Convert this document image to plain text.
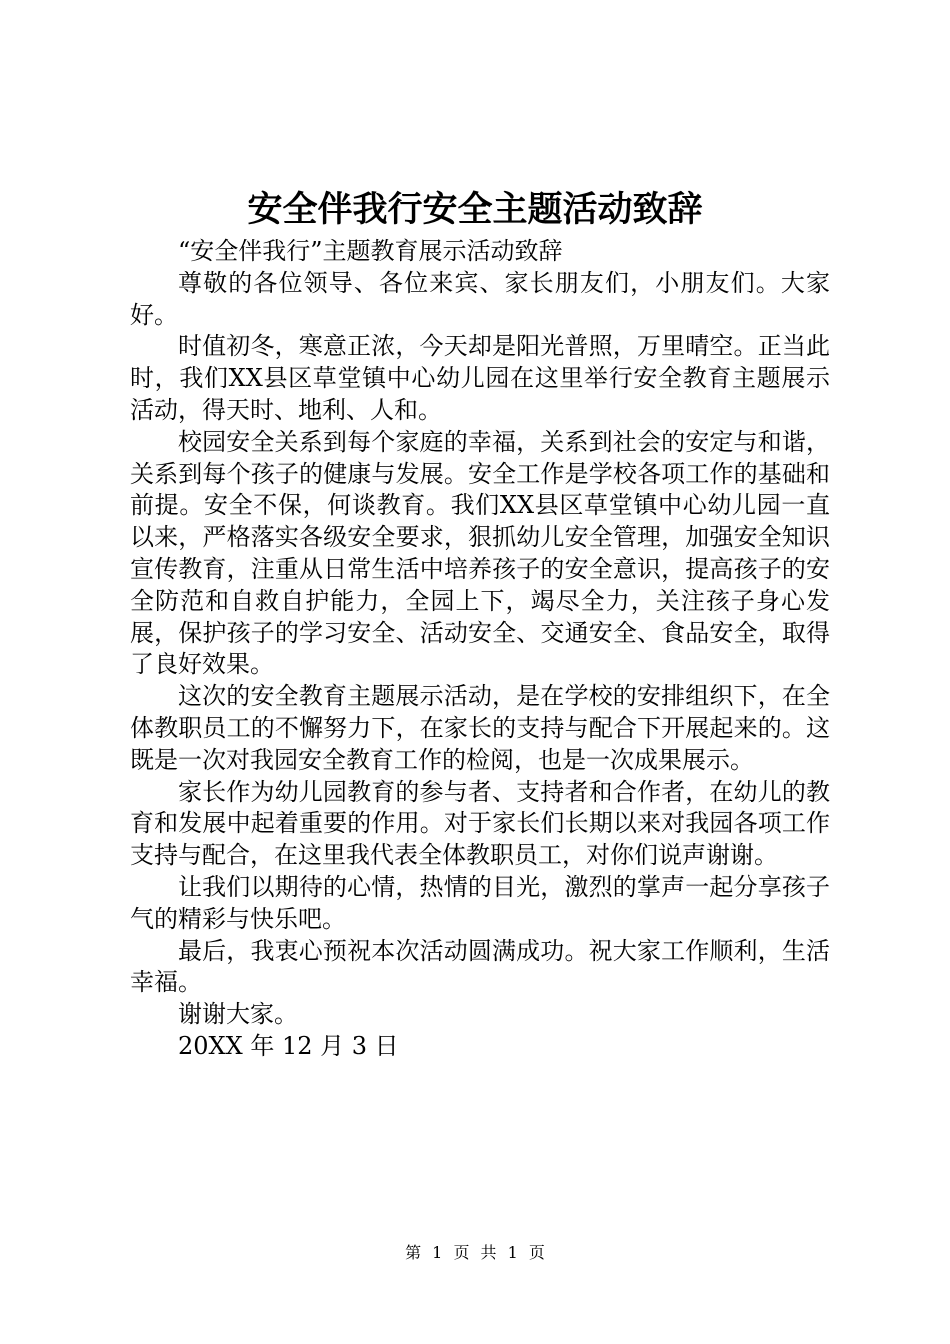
安全伴我行安全主题活动致辞

“安全伴我行”主题教育展示活动致辞

尊敬的各位领导、各位来宾、家长朋友们，小朋友们。大家好。

时值初冬，寒意正浓，今天却是阳光普照，万里晴空。正当此时，我们XX县区草堂镇中心幼儿园在这里举行安全教育主题展示活动，得天时、地利、人和。

校园安全关系到每个家庭的幸福，关系到社会的安定与和谐，关系到每个孩子的健康与发展。安全工作是学校各项工作的基础和前提。安全不保，何谈教育。我们XX县区草堂镇中心幼儿园一直以来，严格落实各级安全要求，狠抓幼儿安全管理，加强安全知识宣传教育，注重从日常生活中培养孩子的安全意识，提高孩子的安全防范和自救自护能力，全园上下，竭尽全力，关注孩子身心发展，保护孩子的学习安全、活动安全、交通安全、食品安全，取得了良好效果。

这次的安全教育主题展示活动，是在学校的安排组织下，在全体教职员工的不懈努力下，在家长的支持与配合下开展起来的。这既是一次对我园安全教育工作的检阅，也是一次成果展示。

家长作为幼儿园教育的参与者、支持者和合作者，在幼儿的教育和发展中起着重要的作用。对于家长们长期以来对我园各项工作支持与配合，在这里我代表全体教职员工，对你们说声谢谢。

让我们以期待的心情，热情的目光，激烈的掌声一起分享孩子气的精彩与快乐吧。

最后，我衷心预祝本次活动圆满成功。祝大家工作顺利，生活幸福。

谢谢大家。

20XX 年 12 月 3 日

第 1 页 共 1 页
